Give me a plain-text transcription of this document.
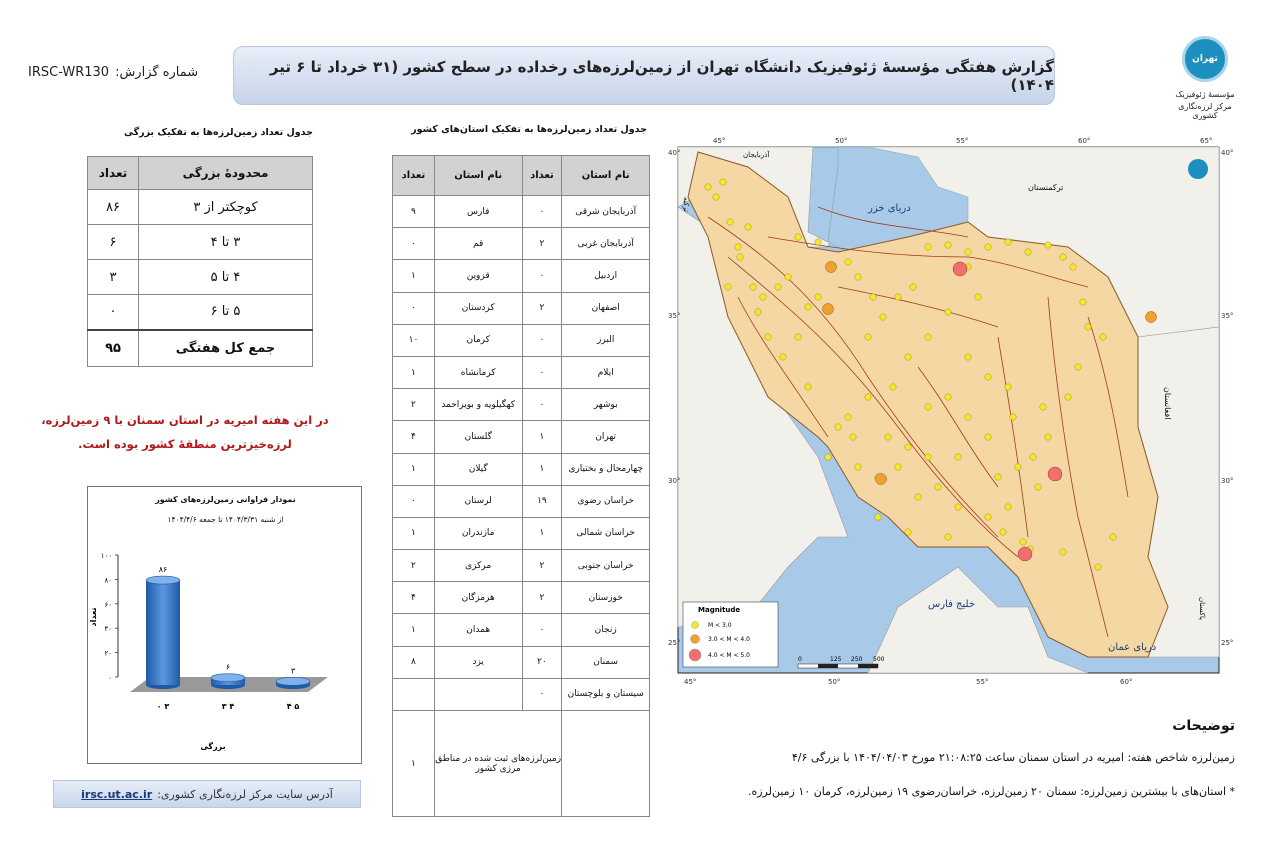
تهران
مؤسسهٔ ژئوفیزیک
مرکز لرزه‌نگاری کشوری
گزارش هفتگی مؤسسهٔ ژئوفیزیک دانشگاه تهران از زمین‌لرزه‌های رخداده در سطح کشور (۳۱ خرداد تا ۶ تیر ۱۴۰۴)
شماره گزارش:IRSC-WR130
جدول تعداد زمین‌لرزه‌ها به تفکیک بزرگی
محدودهٔ بزرگی	تعداد
کوچکتر از ۳	۸۶
۳ تا ۴	۶
۴ تا ۵	۳
۵ تا ۶	۰
جمع کل هفتگی	۹۵
در این هفته امیریه در استان سمنان با ۹ زمین‌لرزه، لرزه‌خیزترین منطقهٔ کشور بوده است.
نمودار فراوانی زمین‌لرزه‌های کشور
از شنبه ۱۴۰۴/۳/۳۱ تا جمعه ۱۴۰۴/۴/۶
۰
۲۰
۴۰
۶۰
۸۰
۱۰۰
۸۶
۰ ۳
۶
۳ ۴
۳
۴ ۵
تعداد
بزرگی
آدرس سایت مرکز لرزه‌نگاری کشوری:
irsc.ut.ac.ir
جدول تعداد زمین‌لرزه‌ها به تفکیک استان‌های کشور
نام استان	تعداد	نام استان	تعداد
آذربایجان شرقی	۰	فارس	۹
آذربایجان غربی	۲	قم	۰
اردبیل	۰	قزوین	۱
اصفهان	۲	کردستان	۰
البرز	۰	کرمان	۱۰
ایلام	۰	کرمانشاه	۱
بوشهر	۰	کهگیلویه و بویراحمد	۲
تهران	۱	گلستان	۴
چهارمحال و بختیاری	۱	گیلان	۱
خراسان رضوی	۱۹	لرستان	۰
خراسان شمالی	۱	مازندران	۱
خراسان جنوبی	۲	مرکزی	۲
خوزستان	۲	هرمزگان	۴
زنجان	۰	همدان	۱
سمنان	۲۰	یزد	۸
سیستان و بلوچستان	۰		
	زمین‌لرزه‌های ثبت شده در مناطق مرزی کشور		۱
Magnitude
M < 3.0
3.0 < M < 4.0
4.0 < M < 5.0
0	125 250 500
دریای خزر
خلیج فارس
دریای عمان
ترکمنستان
افغانستان
آذربایجان
پاکستان
ترکیه
45°	50°	55°	60°	65°
45°	50°	55°	60°
40°
35°
30°
25°
40°
35°
30°
25°
توضیحات
زمین‌لرزه شاخص هفته: امیریه در استان سمنان ساعت ۲۱:۰۸:۲۵ مورخ ۱۴۰۴/۰۴/۰۳ با بزرگی ۴/۶
* استان‌های با بیشترین زمین‌لرزه: سمنان ۲۰ زمین‌لرزه، خراسان‌رضوی ۱۹ زمین‌لرزه، کرمان ۱۰ زمین‌لرزه.
